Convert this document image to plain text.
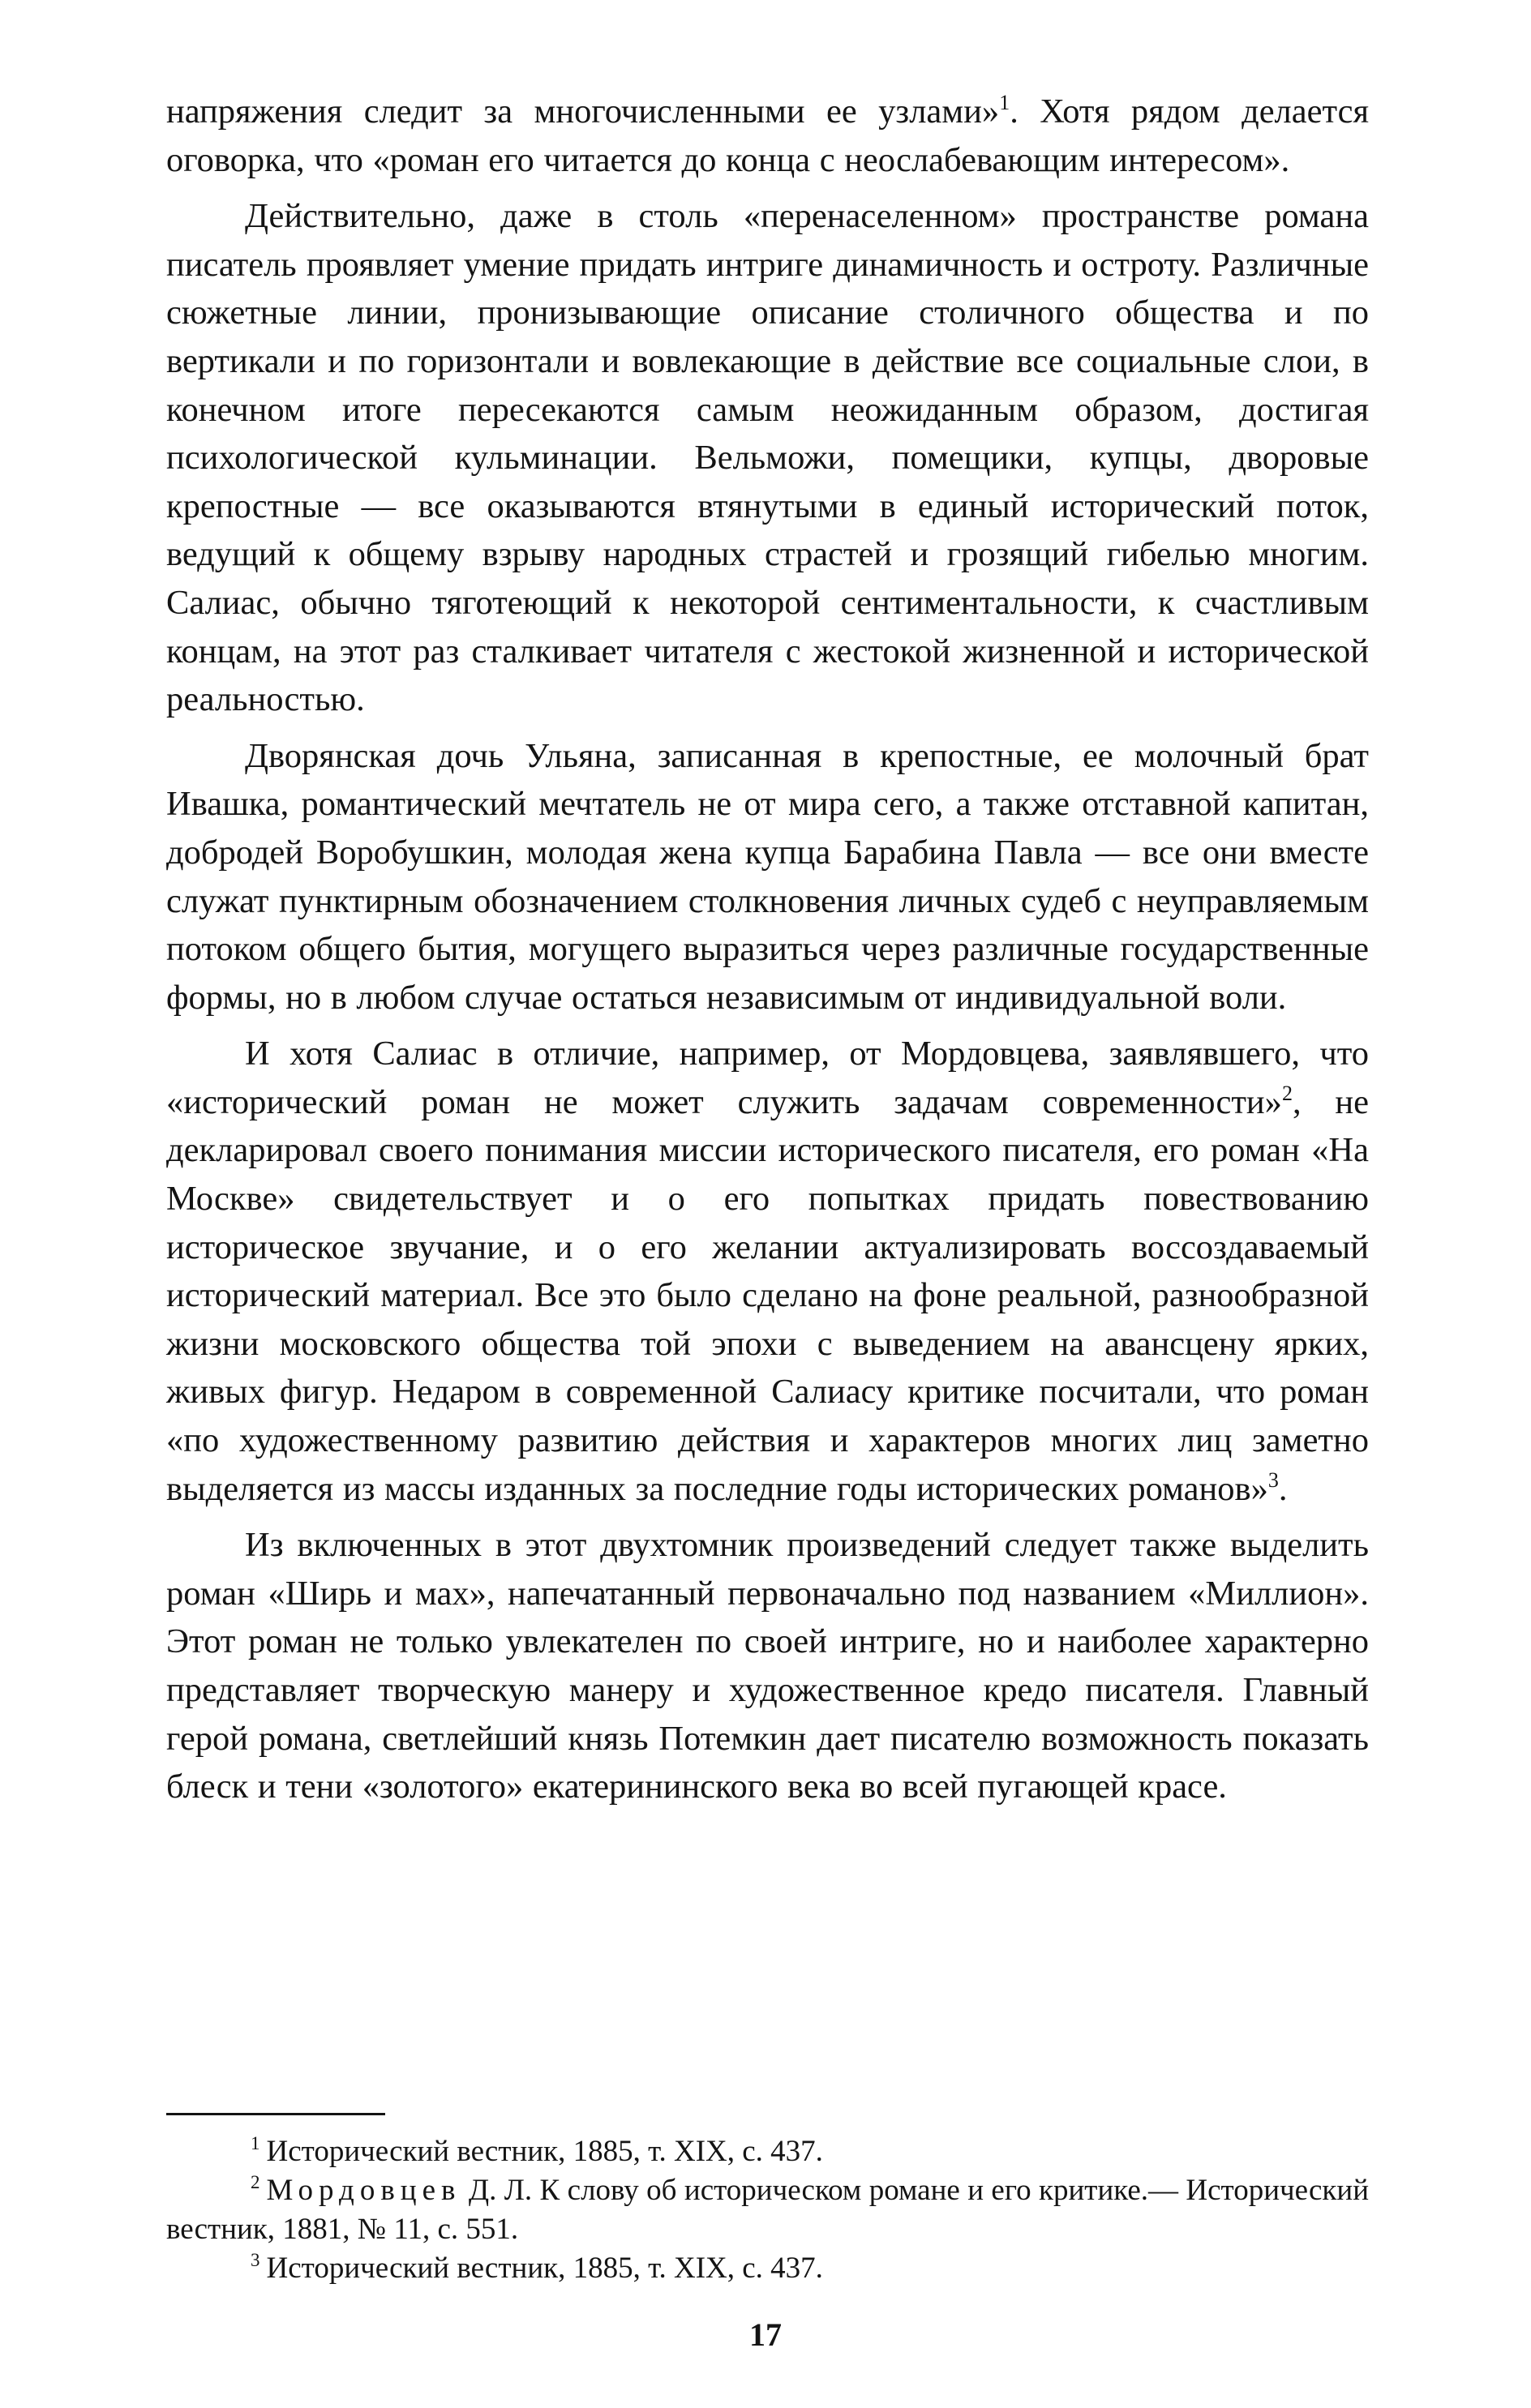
напряжения следит за многочисленными ее узлами»$^1$. Хотя рядом делается оговорка, что «роман его читается до конца с неослабевающим интересом».

Действительно, даже в столь «перенаселенном» пространстве романа писатель проявляет умение придать интриге динамичность и остроту. Различные сюжетные линии, пронизывающие описание столичного общества и по вертикали и по горизонтали и вовлекающие в действие все социальные слои, в конечном итоге пересекаются самым неожиданным образом, достигая психологической кульминации. Вельможи, помещики, купцы, дворовые крепостные — все оказываются втянутыми в единый исторический поток, ведущий к общему взрыву народных страстей и грозящий гибелью многим. Салиас, обычно тяготеющий к некоторой сентиментальности, к счастливым концам, на этот раз сталкивает читателя с жестокой жизненной и исторической реальностью.

Дворянская дочь Ульяна, записанная в крепостные, ее молочный брат Ивашка, романтический мечтатель не от мира сего, а также отставной капитан, добродей Воробушкин, молодая жена купца Барабина Павла — все они вместе служат пунктирным обозначением столкновения личных судеб с неуправляемым потоком общего бытия, могущего выразиться через различные государственные формы, но в любом случае остаться независимым от индивидуальной воли.

И хотя Салиас в отличие, например, от Мордовцева, заявлявшего, что «исторический роман не может служить задачам современности»$^2$, не декларировал своего понимания миссии исторического писателя, его роман «На Москве» свидетельствует и о его попытках придать повествованию историческое звучание, и о его желании актуализировать воссоздаваемый исторический материал. Все это было сделано на фоне реальной, разнообразной жизни московского общества той эпохи с выведением на авансцену ярких, живых фигур. Недаром в современной Салиасу критике посчитали, что роман «по художественному развитию действия и характеров многих лиц заметно выделяется из массы изданных за последние годы исторических романов»$^3$.

Из включенных в этот двухтомник произведений следует также выделить роман «Ширь и мах», напечатанный первоначально под названием «Миллион». Этот роман не только увлекателен по своей интриге, но и наиболее характерно представляет творческую манеру и художественное кредо писателя. Главный герой романа, светлейший князь Потемкин дает писателю возможность показать блеск и тени «золотого» екатерининского века во всей пугающей красе.

$^1$ Исторический вестник, 1885, т. XIX, с. 437.

$^2$ Мордовцев Д. Л. К слову об историческом романе и его критике.— Исторический вестник, 1881, № 11, с. 551.

$^3$ Исторический вестник, 1885, т. XIX, с. 437.

17
